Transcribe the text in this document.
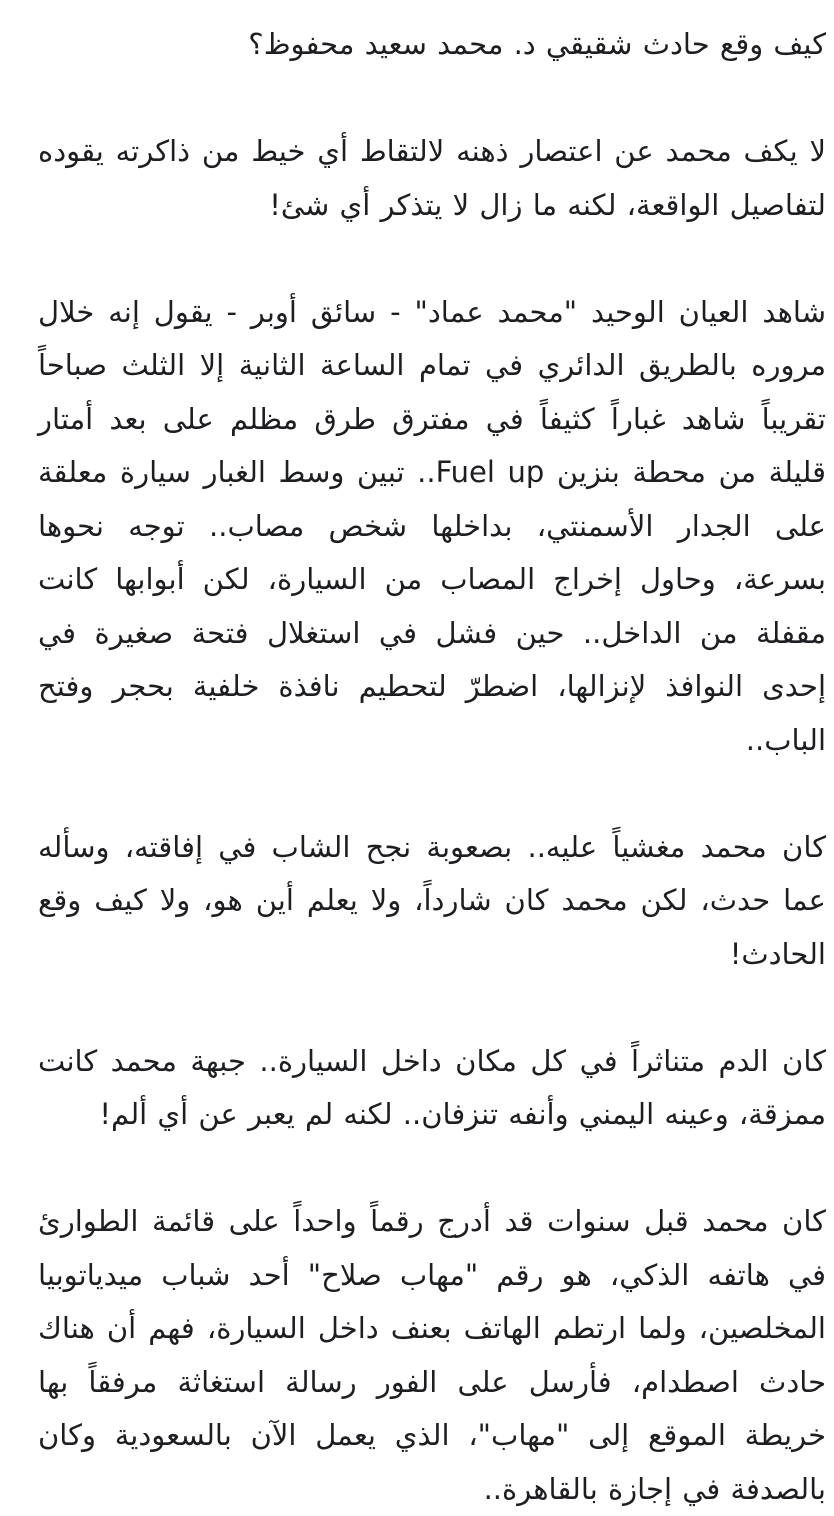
كيف وقع حادث شقيقي د. محمد سعيد محفوظ؟

لا يكف محمد عن اعتصار ذهنه لالتقاط أي خيط من ذاكرته يقوده
لتفاصيل الواقعة، لكنه ما زال لا يتذكر أي شئ!

شاهد العيان الوحيد "محمد عماد" - سائق أوبر - يقول إنه خلال
مروره بالطريق الدائري في تمام الساعة الثانية إلا الثلث صباحاً
تقريباً شاهد غباراً كثيفاً في مفترق طرق مظلم على بعد أمتار
قليلة من محطة بنزين Fuel up.. تبين وسط الغبار سيارة معلقة
على الجدار الأسمنتي، بداخلها شخص مصاب.. توجه نحوها
بسرعة، وحاول إخراج المصاب من السيارة، لكن أبوابها كانت
مقفلة من الداخل.. حين فشل في استغلال فتحة صغيرة في
إحدى النوافذ لإنزالها، اضطرّ لتحطيم نافذة خلفية بحجر وفتح
الباب..

كان محمد مغشياً عليه.. بصعوبة نجح الشاب في إفاقته، وسأله
عما حدث، لكن محمد كان شارداً، ولا يعلم أين هو، ولا كيف وقع
الحادث!

كان الدم متناثراً في كل مكان داخل السيارة.. جبهة محمد كانت
ممزقة، وعينه اليمني وأنفه تنزفان.. لكنه لم يعبر عن أي ألم!

كان محمد قبل سنوات قد أدرج رقماً واحداً على قائمة الطوارئ
في هاتفه الذكي، هو رقم "مهاب صلاح" أحد شباب ميدياتوبيا
المخلصين، ولما ارتطم الهاتف بعنف داخل السيارة، فهم أن هناك
حادث اصطدام، فأرسل على الفور رسالة استغاثة مرفقاً بها
خريطة الموقع إلى "مهاب"، الذي يعمل الآن بالسعودية وكان
بالصدفة في إجازة بالقاهرة..
